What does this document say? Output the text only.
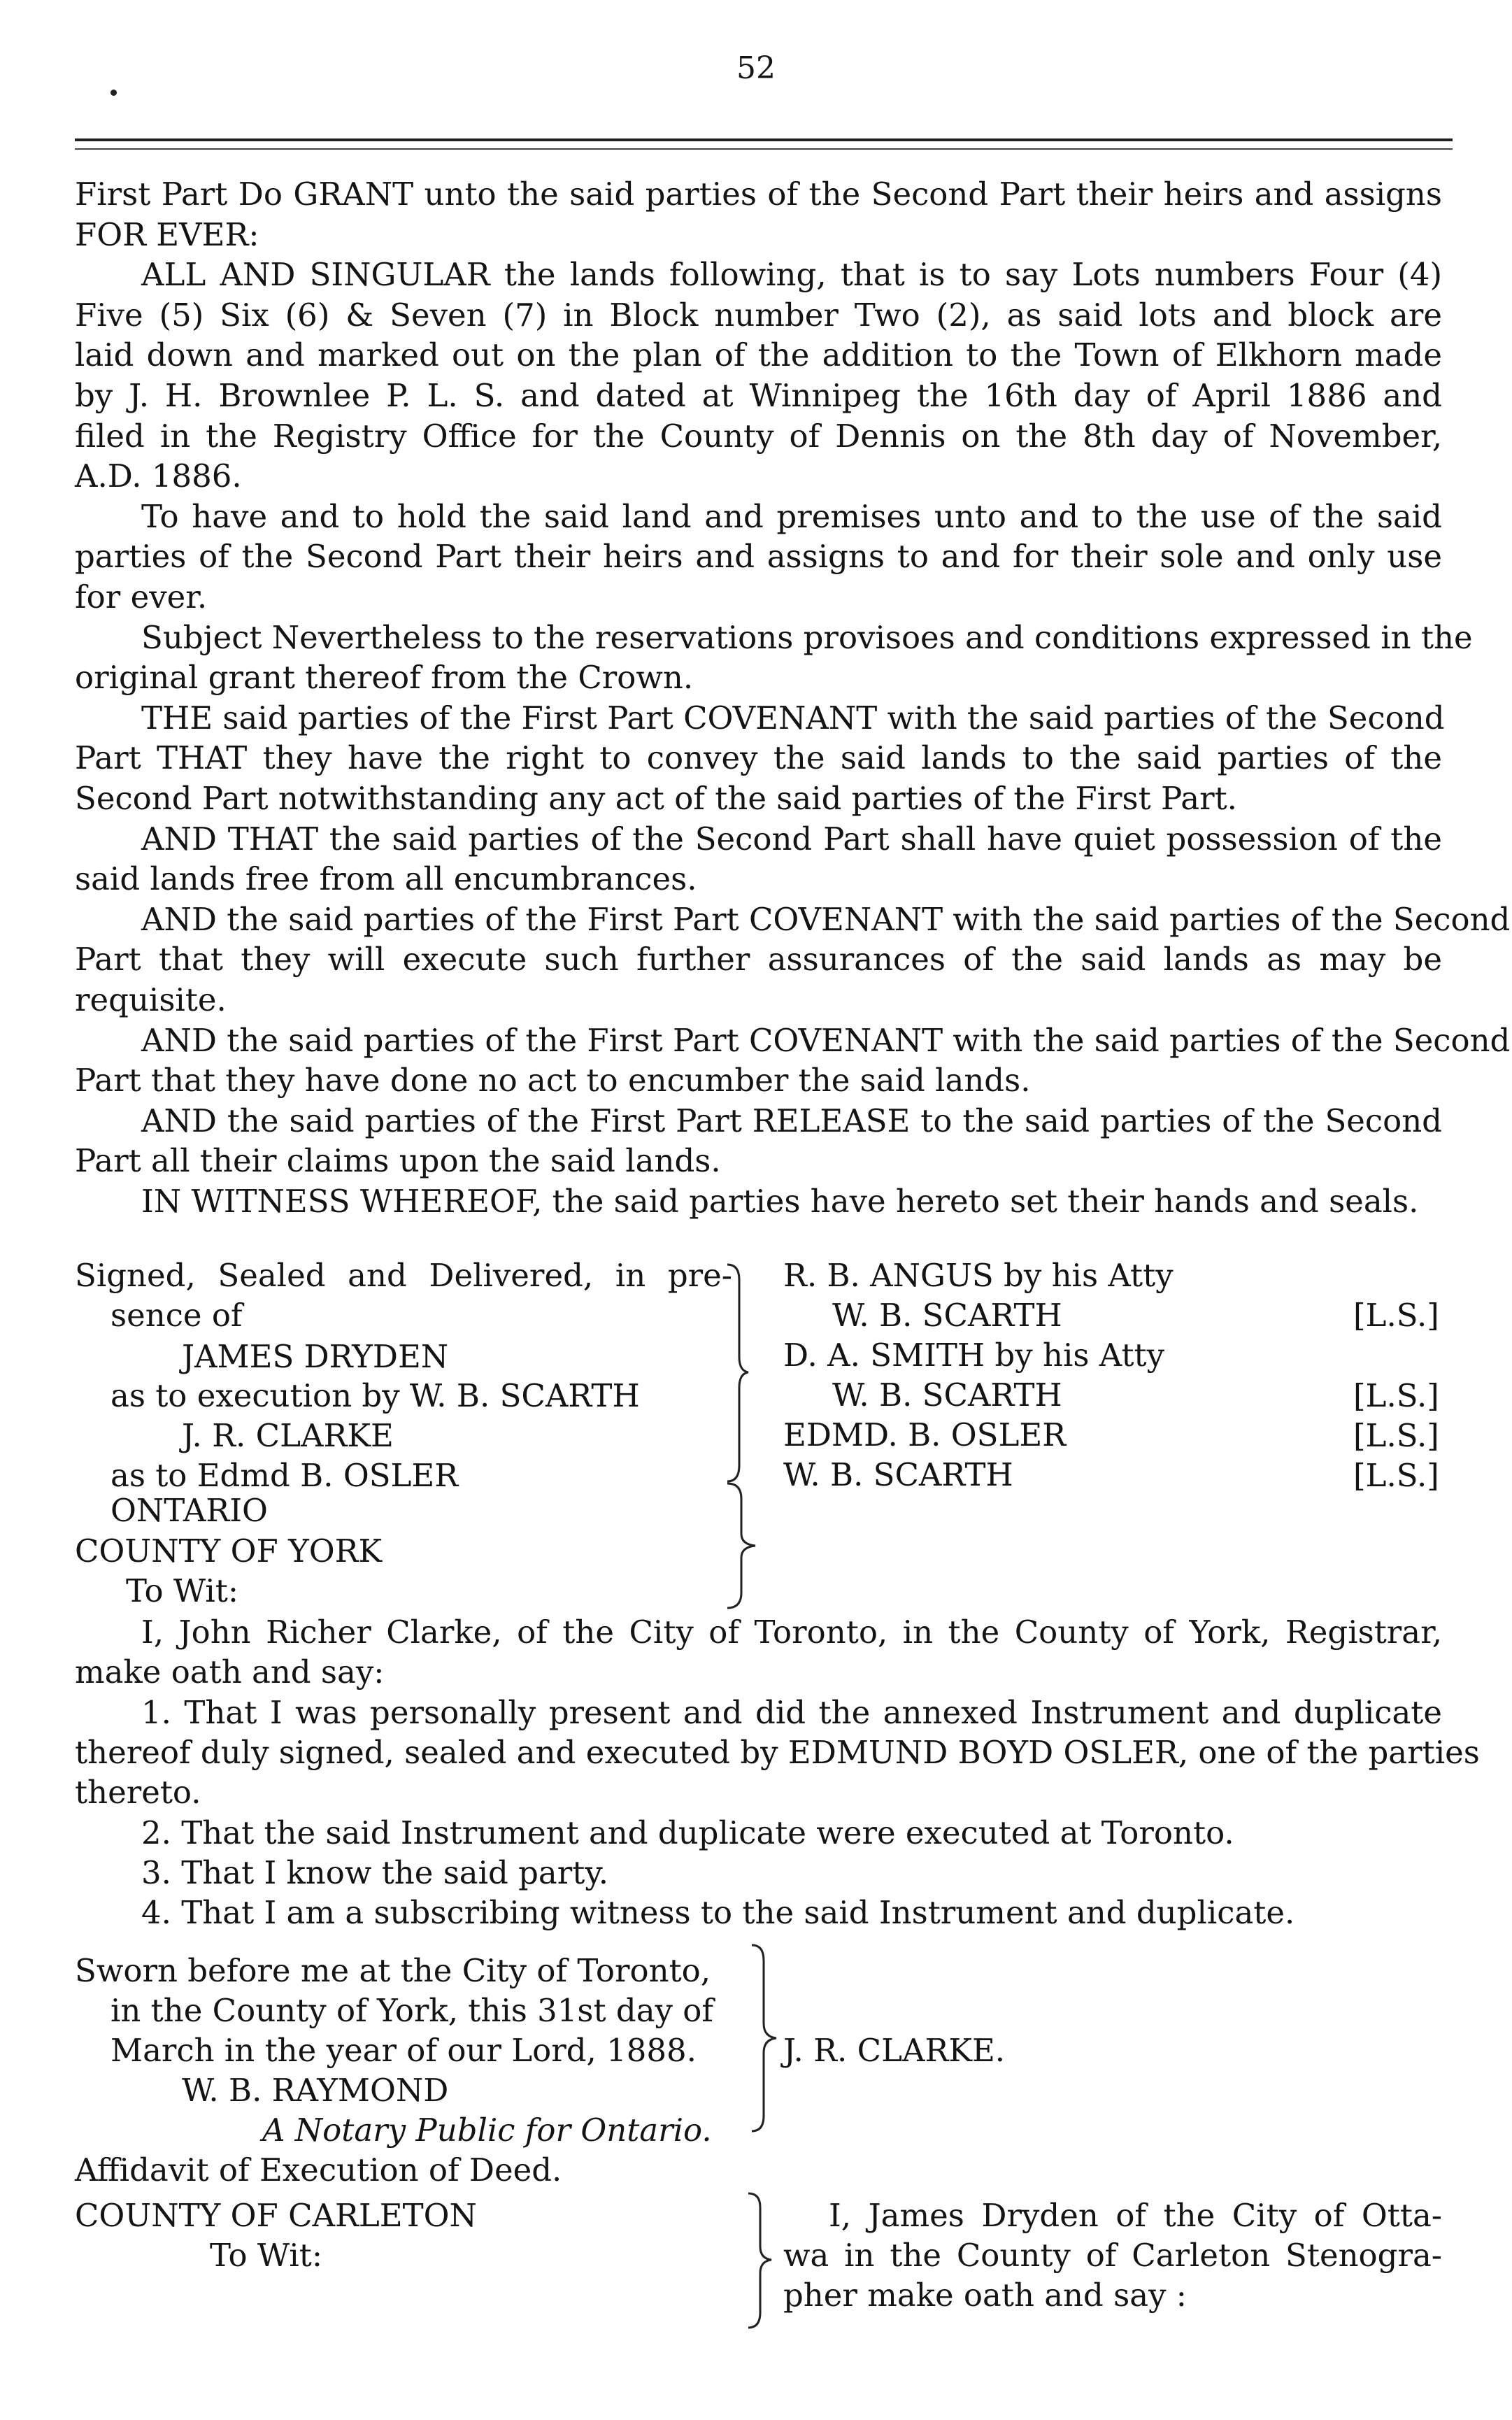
52
First Part Do GRANT unto the said parties of the Second Part their heirs and assigns
FOR EVER:
ALL AND SINGULAR the lands following, that is to say Lots numbers Four (4)
Five (5) Six (6) & Seven (7) in Block number Two (2), as said lots and block are
laid down and marked out on the plan of the addition to the Town of Elkhorn made
by J. H. Brownlee P. L. S. and dated at Winnipeg the 16th day of April 1886 and
filed in the Registry Office for the County of Dennis on the 8th day of November,
A.D. 1886.
To have and to hold the said land and premises unto and to the use of the said
parties of the Second Part their heirs and assigns to and for their sole and only use
for ever.
Subject Nevertheless to the reservations provisoes and conditions expressed in the
original grant thereof from the Crown.
THE said parties of the First Part COVENANT with the said parties of the Second
Part THAT they have the right to convey the said lands to the said parties of the
Second Part notwithstanding any act of the said parties of the First Part.
AND THAT the said parties of the Second Part shall have quiet possession of the
said lands free from all encumbrances.
AND the said parties of the First Part COVENANT with the said parties of the Second
Part that they will execute such further assurances of the said lands as may be
requisite.
AND the said parties of the First Part COVENANT with the said parties of the Second
Part that they have done no act to encumber the said lands.
AND the said parties of the First Part RELEASE to the said parties of the Second
Part all their claims upon the said lands.
IN WITNESS WHEREOF, the said parties have hereto set their hands and seals.
Signed, Sealed and Delivered, in pre-
sence of
JAMES DRYDEN
as to execution by W. B. SCARTH
J. R. CLARKE
as to Edmd B. OSLER
R. B. ANGUS by his Atty
W. B. SCARTH
D. A. SMITH by his Atty
W. B. SCARTH
EDMD. B. OSLER
W. B. SCARTH
[L.S.]
[L.S.]
[L.S.]
[L.S.]
ONTARIO
COUNTY OF YORK
To Wit:
I, John Richer Clarke, of the City of Toronto, in the County of York, Registrar,
make oath and say:
1. That I was personally present and did the annexed Instrument and duplicate
thereof duly signed, sealed and executed by EDMUND BOYD OSLER, one of the parties
thereto.
2. That the said Instrument and duplicate were executed at Toronto.
3. That I know the said party.
4. That I am a subscribing witness to the said Instrument and duplicate.
Sworn before me at the City of Toronto,
in the County of York, this 31st day of
March in the year of our Lord, 1888.
W. B. RAYMOND
A Notary Public for Ontario.
J. R. CLARKE.
Affidavit of Execution of Deed.
COUNTY OF CARLETON
To Wit:
I, James Dryden of the City of Otta-
wa in the County of Carleton Stenogra-
pher make oath and say :
